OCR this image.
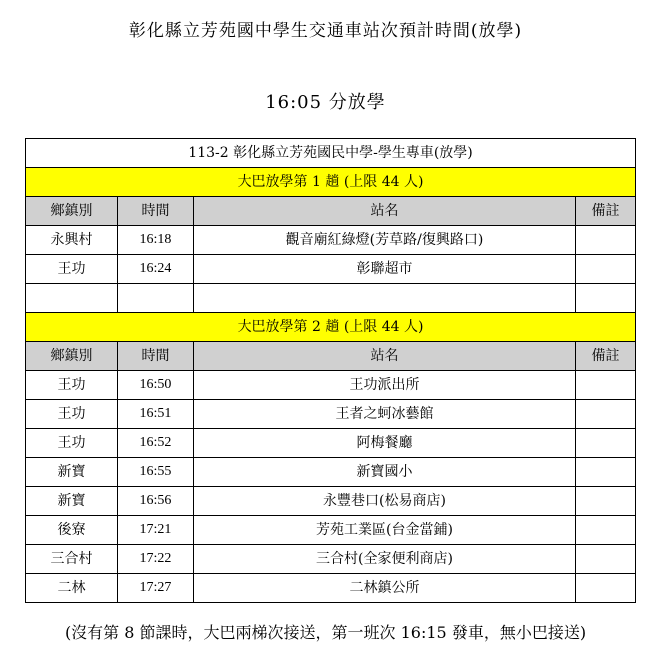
彰化縣立芳苑國中學生交通車站次預計時間(放學)
16:05 分放學
113-2 彰化縣立芳苑國民中學-學生專車(放學)			
大巴放學第 1 趟 (上限 44 人)			
鄉鎮別	時間	站名	備註
永興村	16:18	觀音廟紅綠燈(芳草路/復興路口)	
王功	16:24	彰聯超市	

大巴放學第 2 趟 (上限 44 人)			
鄉鎮別	時間	站名	備註
王功	16:50	王功派出所	
王功	16:51	王者之蚵冰藝館	
王功	16:52	阿梅餐廳	
新寶	16:55	新寶國小	
新寶	16:56	永豐巷口(松易商店)	
後寮	17:21	芳苑工業區(台金當鋪)	
三合村	17:22	三合村(全家便利商店)	
二林	17:27	二林鎮公所	
(沒有第 8 節課時，大巴兩梯次接送，第一班次 16:15 發車，無小巴接送)
